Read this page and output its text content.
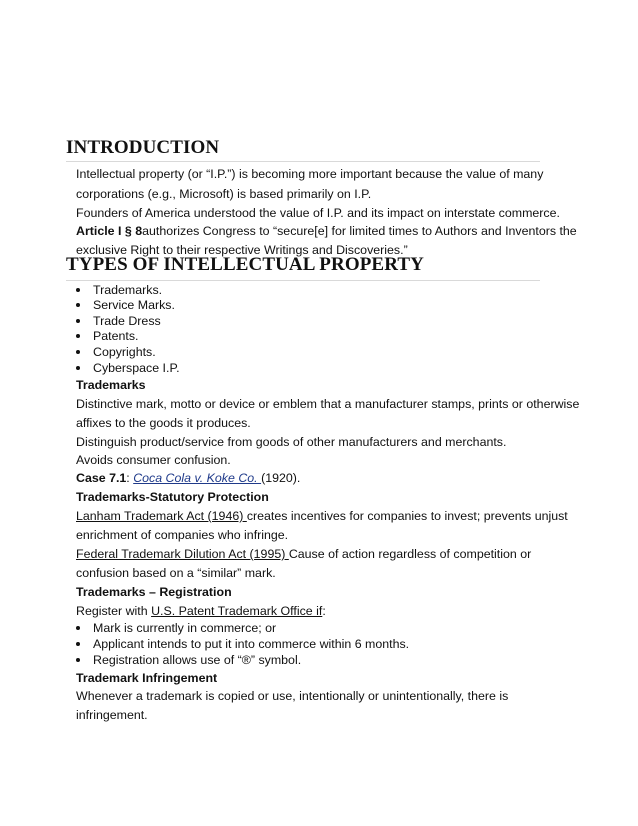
INTRODUCTION
Intellectual property (or “I.P.”) is becoming more important because the value of many
corporations (e.g., Microsoft) is based primarily on I.P.
Founders of America understood the value of I.P. and its impact on interstate commerce.
Article I § 8authorizes Congress to “secure[e] for limited times to Authors and Inventors the
exclusive Right to their respective Writings and Discoveries.”
TYPES OF INTELLECTUAL PROPERTY
Trademarks.
Service Marks.
Trade Dress
Patents.
Copyrights.
Cyberspace I.P.
Trademarks
Distinctive mark, motto or device or emblem that a manufacturer stamps, prints or otherwise
affixes to the goods it produces.
Distinguish product/service from goods of other manufacturers and merchants.
Avoids consumer confusion.
Case 7.1: Coca Cola v. Koke Co. (1920).
Trademarks-Statutory Protection
Lanham Trademark Act (1946) creates incentives for companies to invest; prevents unjust
enrichment of companies who infringe.
Federal Trademark Dilution Act (1995) Cause of action regardless of competition or
confusion based on a “similar” mark.
Trademarks – Registration
Register with U.S. Patent Trademark Office if:
Mark is currently in commerce; or
Applicant intends to put it into commerce within 6 months.
Registration allows use of “®” symbol.
Trademark Infringement
Whenever a trademark is copied or use, intentionally or unintentionally, there is
infringement.
